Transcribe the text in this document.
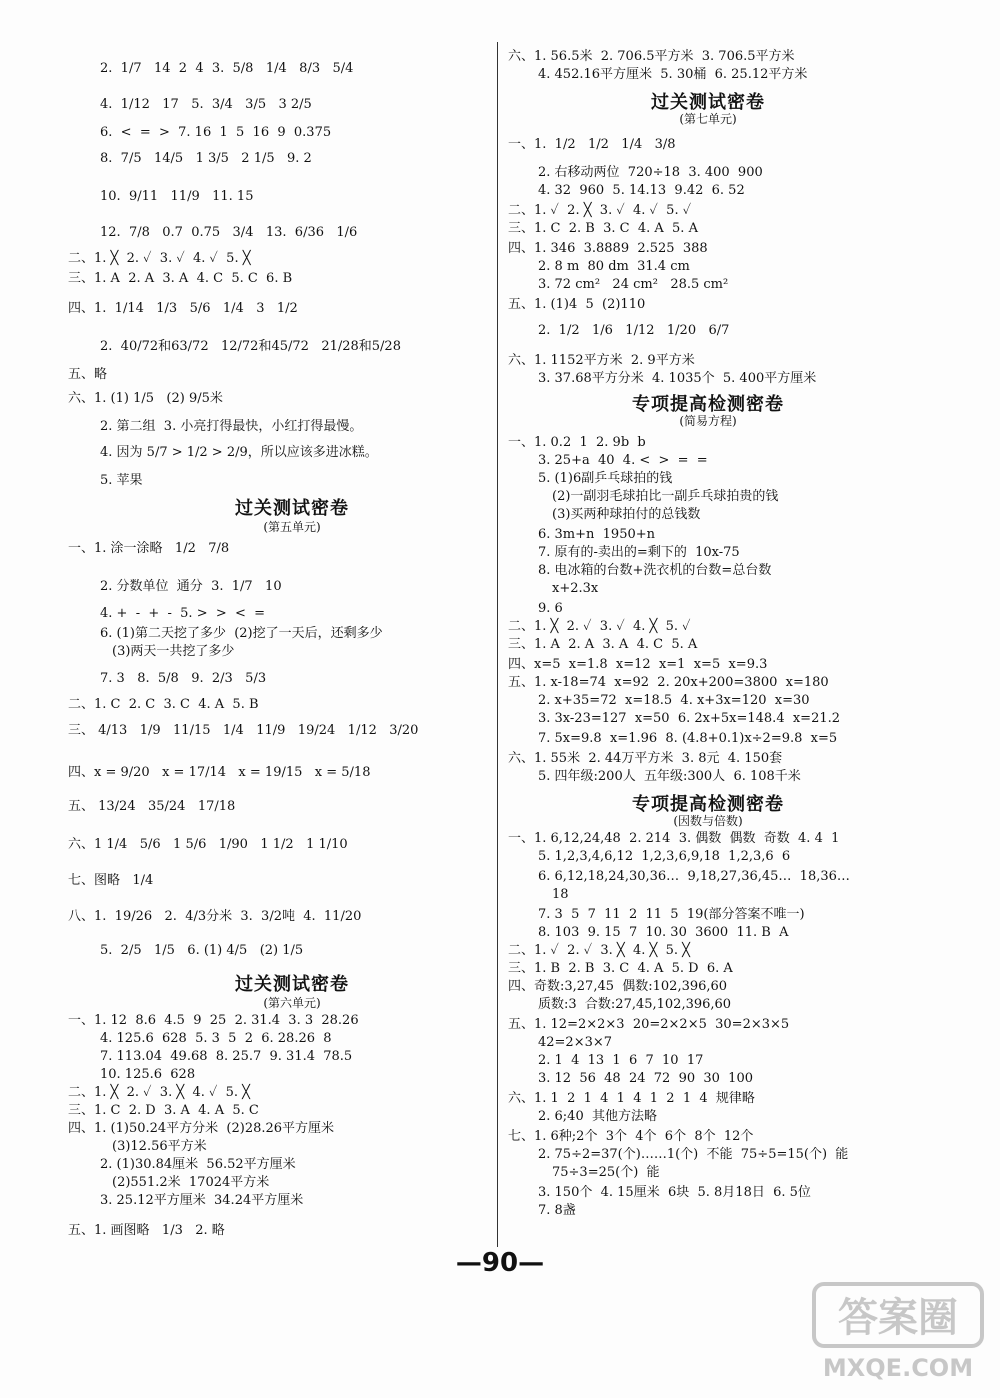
2.  1/7   14  2  4  3.  5/8   1/4   8/3   5/4
4.  1/12   17   5.  3/4   3/5   3 2/5
6.  <  =  >  7. 16  1  5  16  9  0.375
8.  7/5   14/5   1 3/5   2 1/5   9. 2
10.  9/11   11/9   11. 15
12.  7/8   0.7  0.75   3/4   13.  6/36   1/6
二、1. ╳  2. ✓  3. ✓  4. ✓  5. ╳
三、1. A  2. A  3. A  4. C  5. C  6. B
四、1.  1/14   1/3   5/6   1/4   3   1/2
2.  40/72和63/72   12/72和45/72   21/28和5/28
五、略
六、1. (1) 1/5   (2) 9/5米
2. 第二组  3. 小亮打得最快，小红打得最慢。
4. 因为 5/7 > 1/2 > 2/9，所以应该多进冰糕。
5. 苹果
过关测试密卷
(第五单元)
一、1. 涂一涂略   1/2   7/8
2. 分数单位  通分  3.  1/7   10
4. +  -  +  -  5. >  >  <  =
6. (1)第二天挖了多少  (2)挖了一天后，还剩多少
(3)两天一共挖了多少
7. 3   8.  5/8   9.  2/3   5/3
二、1. C  2. C  3. C  4. A  5. B
三、 4/13   1/9   11/15   1/4   11/9   19/24   1/12   3/20
四、x = 9/20   x = 17/14   x = 19/15   x = 5/18
五、 13/24   35/24   17/18
六、1 1/4   5/6   1 5/6   1/90   1 1/2   1 1/10
七、图略   1/4
八、1.  19/26   2.  4/3分米  3.  3/2吨  4.  11/20
5.  2/5   1/5   6. (1) 4/5   (2) 1/5
过关测试密卷
(第六单元)
一、1. 12  8.6  4.5  9  25  2. 31.4  3. 3  28.26
4. 125.6  628  5. 3  5  2  6. 28.26  8
7. 113.04  49.68  8. 25.7  9. 31.4  78.5
10. 125.6  628
二、1. ╳  2. ✓  3. ╳  4. ✓  5. ╳
三、1. C  2. D  3. A  4. A  5. C
四、1. (1)50.24平方分米  (2)28.26平方厘米
(3)12.56平方米
2. (1)30.84厘米  56.52平方厘米
(2)551.2米  17024平方米
3. 25.12平方厘米  34.24平方厘米
五、1. 画图略   1/3   2. 略
六、1. 56.5米  2. 706.5平方米  3. 706.5平方米
4. 452.16平方厘米  5. 30桶  6. 25.12平方米
过关测试密卷
(第七单元)
一、1.  1/2   1/2   1/4   3/8
2. 右移动两位  720÷18  3. 400  900
4. 32  960  5. 14.13  9.42  6. 52
二、1. ✓  2. ╳  3. ✓  4. ✓  5. ✓
三、1. C  2. B  3. C  4. A  5. A
四、1. 346  3.8889  2.525  388
2. 8 m  80 dm  31.4 cm
3. 72 cm²   24 cm²   28.5 cm²
五、1. (1)4  5  (2)110
2.  1/2   1/6   1/12   1/20   6/7
六、1. 1152平方米  2. 9平方米
3. 37.68平方分米  4. 1035个  5. 400平方厘米
专项提高检测密卷
(简易方程)
一、1. 0.2  1  2. 9b  b
3. 25+a  40  4. <  >  =  =
5. (1)6副乒乓球拍的钱
(2)一副羽毛球拍比一副乒乓球拍贵的钱
(3)买两种球拍付的总钱数
6. 3m+n  1950+n
7. 原有的-卖出的=剩下的  10x-75
8. 电冰箱的台数+洗衣机的台数=总台数
x+2.3x
9. 6
二、1. ╳  2. ✓  3. ✓  4. ╳  5. ✓
三、1. A  2. A  3. A  4. C  5. A
四、x=5  x=1.8  x=12  x=1  x=5  x=9.3
五、1. x-18=74  x=92  2. 20x+200=3800  x=180
2. x+35=72  x=18.5  4. x+3x=120  x=30
3. 3x-23=127  x=50  6. 2x+5x=148.4  x=21.2
7. 5x=9.8  x=1.96  8. (4.8+0.1)x÷2=9.8  x=5
六、1. 55米  2. 44万平方米  3. 8元  4. 150套
5. 四年级:200人  五年级:300人  6. 108千米
专项提高检测密卷
(因数与倍数)
一、1. 6,12,24,48  2. 214  3. 偶数  偶数  奇数  4. 4  1
5. 1,2,3,4,6,12  1,2,3,6,9,18  1,2,3,6  6
6. 6,12,18,24,30,36…  9,18,27,36,45…  18,36…
18
7. 3  5  7  11  2  11  5  19(部分答案不唯一)
8. 103  9. 15  7  10. 30  3600  11. B  A
二、1. ✓  2. ✓  3. ╳  4. ╳  5. ╳
三、1. B  2. B  3. C  4. A  5. D  6. A
四、奇数:3,27,45  偶数:102,396,60
质数:3  合数:27,45,102,396,60
五、1. 12=2×2×3  20=2×2×5  30=2×3×5
42=2×3×7
2. 1  4  13  1  6  7  10  17
3. 12  56  48  24  72  90  30  100
六、1. 1  2  1  4  1  4  1  2  1  4  规律略
2. 6;40  其他方法略
七、1. 6种;2个  3个  4个  6个  8个  12个
2. 75÷2=37(个)……1(个)  不能  75÷5=15(个)  能
75÷3=25(个)  能
3. 150个  4. 15厘米  6块  5. 8月18日  6. 5位
7. 8盏
—90—
答案圈
MXQE.COM
